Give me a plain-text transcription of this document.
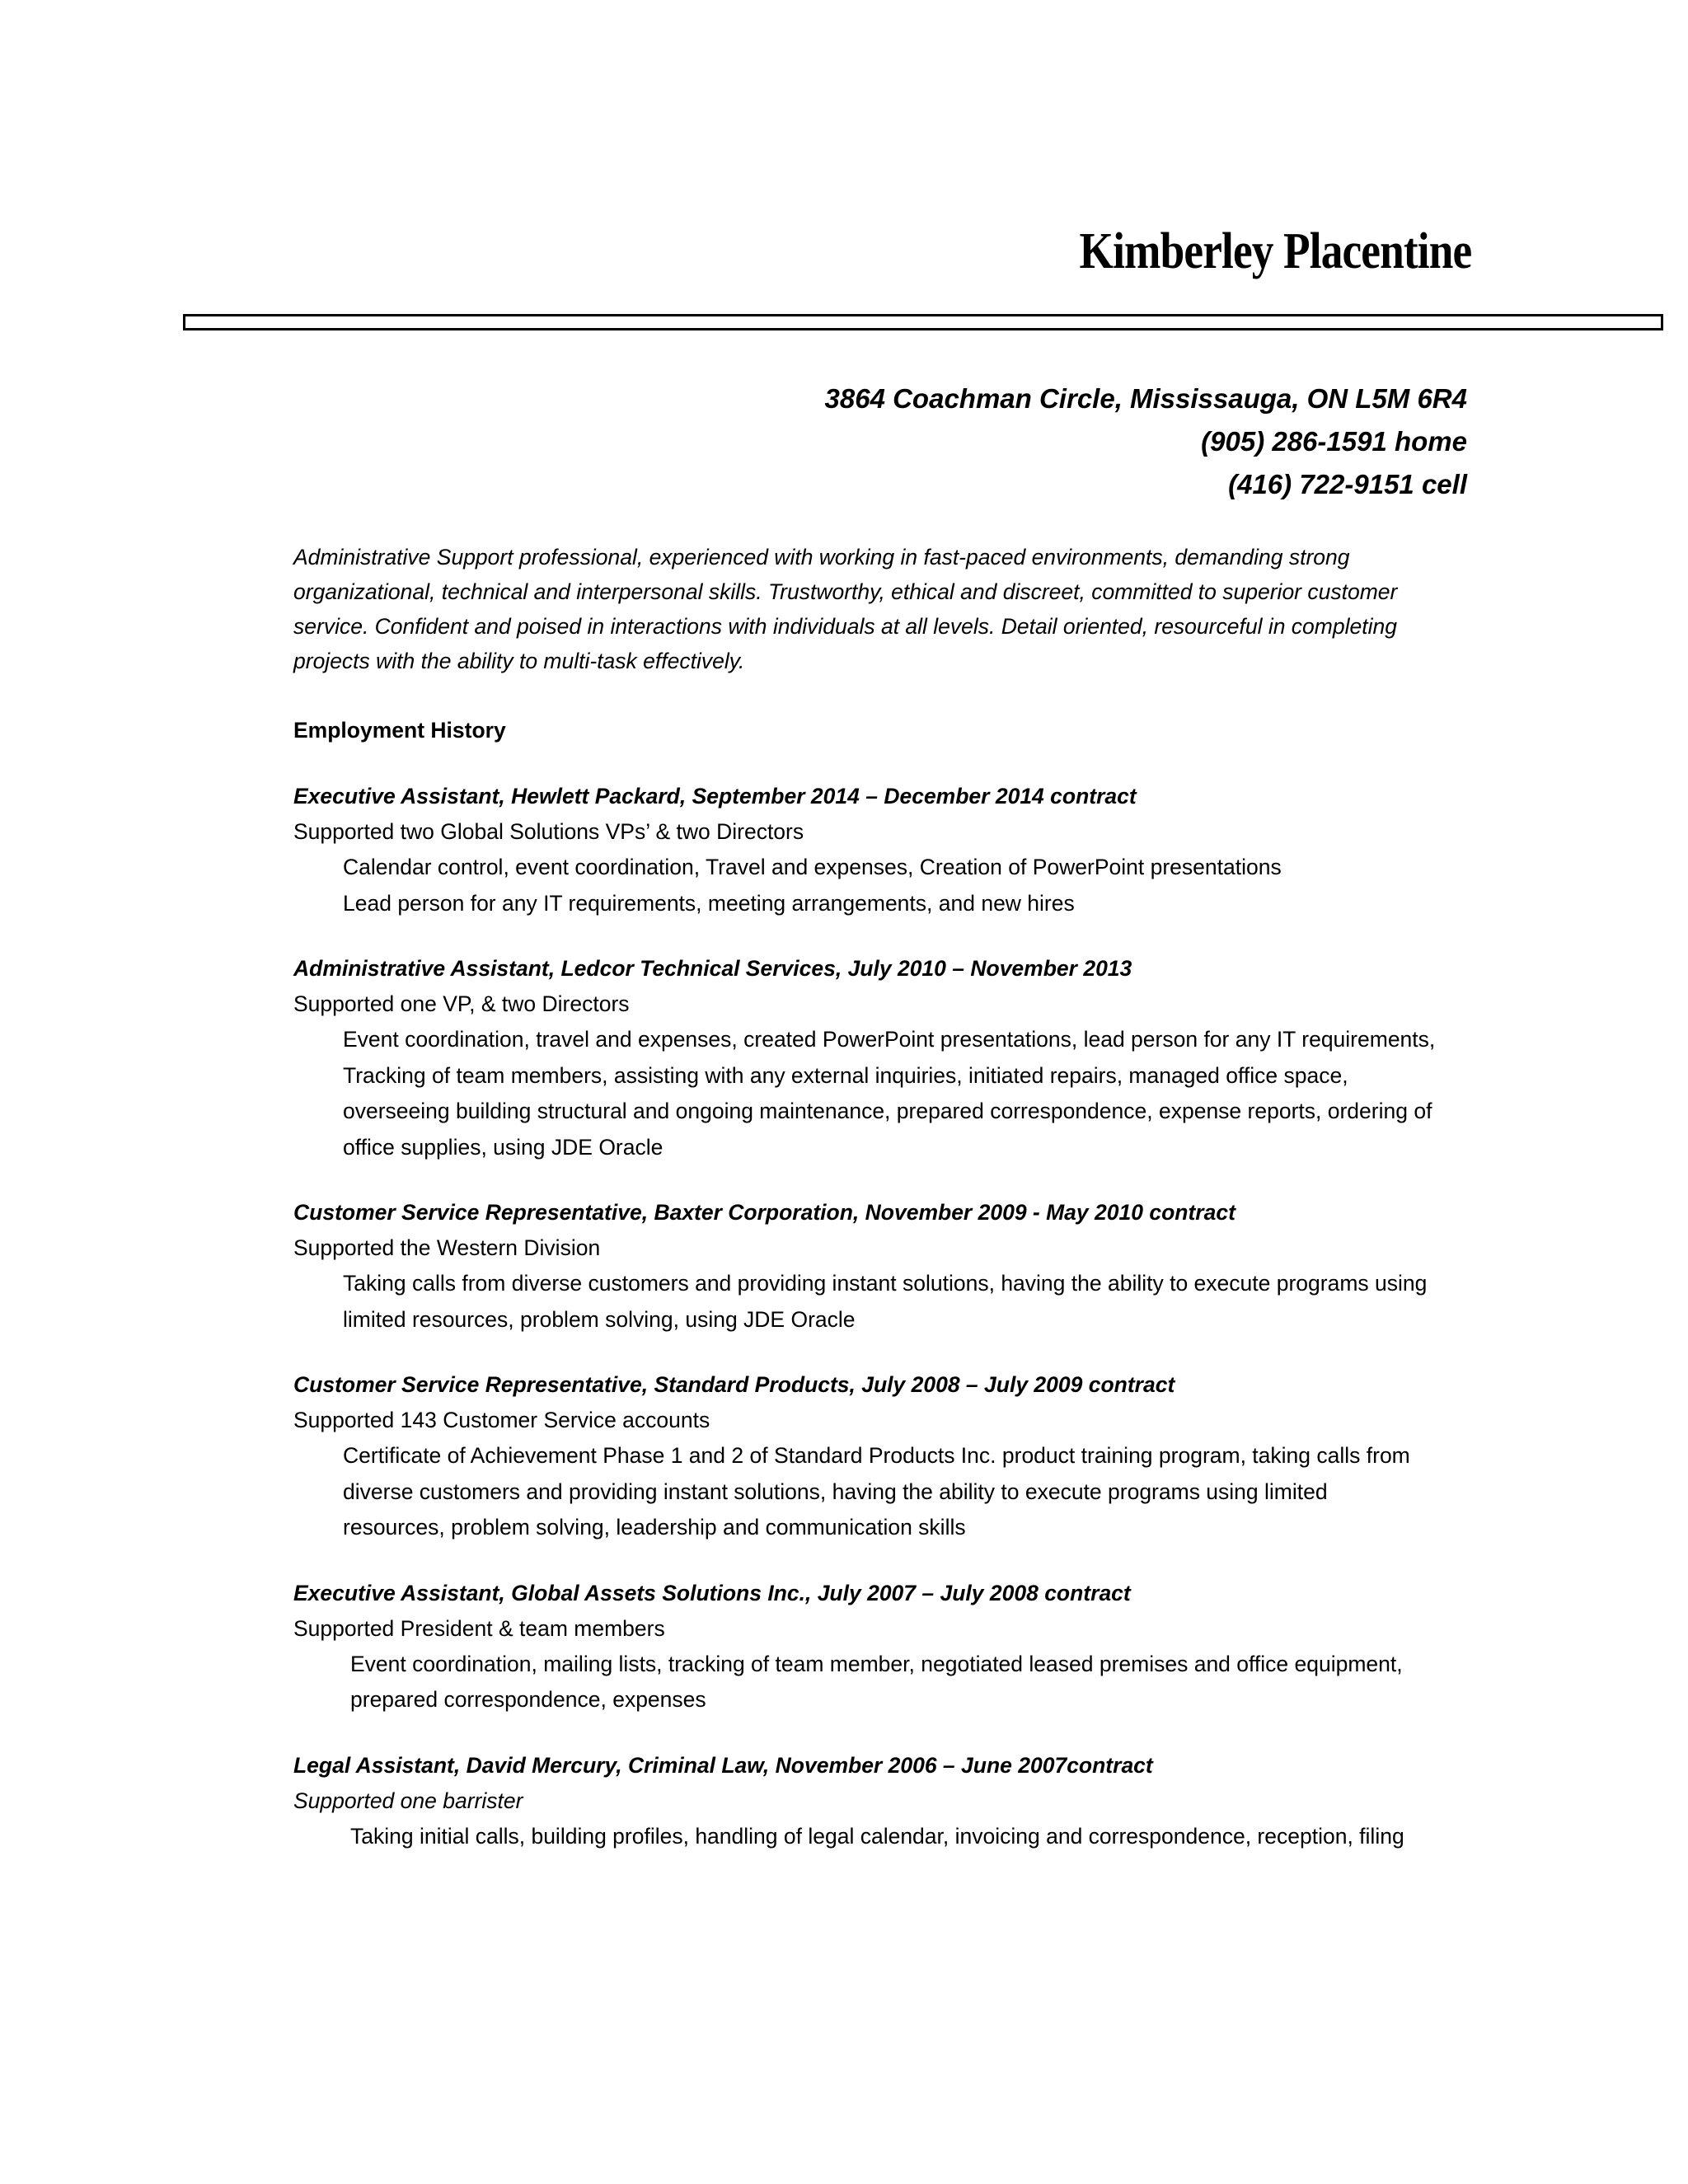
Kimberley Placentine
3864 Coachman Circle, Mississauga, ON L5M 6R4
(905) 286-1591 home
(416) 722-9151 cell

Administrative Support professional, experienced with working in fast-paced environments, demanding strong
organizational, technical and interpersonal skills. Trustworthy, ethical and discreet, committed to superior customer
service. Confident and poised in interactions with individuals at all levels. Detail oriented, resourceful in completing
projects with the ability to multi-task effectively.

Employment History
Executive Assistant, Hewlett Packard, September 2014 – December 2014 contract
Supported two Global Solutions VPs’ & two Directors
Calendar control, event coordination, Travel and expenses, Creation of PowerPoint presentations
Lead person for any IT requirements, meeting arrangements, and new hires
Administrative Assistant, Ledcor Technical Services, July 2010 – November 2013
Supported one VP, & two Directors
Event coordination, travel and expenses, created PowerPoint presentations, lead person for any IT requirements,
Tracking of team members, assisting with any external inquiries, initiated repairs, managed office space,
overseeing building structural and ongoing maintenance, prepared correspondence, expense reports, ordering of
office supplies, using JDE Oracle
Customer Service Representative, Baxter Corporation, November 2009 - May 2010 contract
Supported the Western Division
Taking calls from diverse customers and providing instant solutions, having the ability to execute programs using
limited resources, problem solving, using JDE Oracle
Customer Service Representative, Standard Products, July 2008 – July 2009 contract
Supported 143 Customer Service accounts
Certificate of Achievement Phase 1 and 2 of Standard Products Inc. product training program, taking calls from
diverse customers and providing instant solutions, having the ability to execute programs using limited
resources, problem solving, leadership and communication skills
Executive Assistant, Global Assets Solutions Inc., July 2007 – July 2008 contract
Supported President & team members
Event coordination, mailing lists, tracking of team member, negotiated leased premises and office equipment,
prepared correspondence, expenses
Legal Assistant, David Mercury, Criminal Law, November 2006 – June 2007contract
Supported one barrister
Taking initial calls, building profiles, handling of legal calendar, invoicing and correspondence, reception, filing
